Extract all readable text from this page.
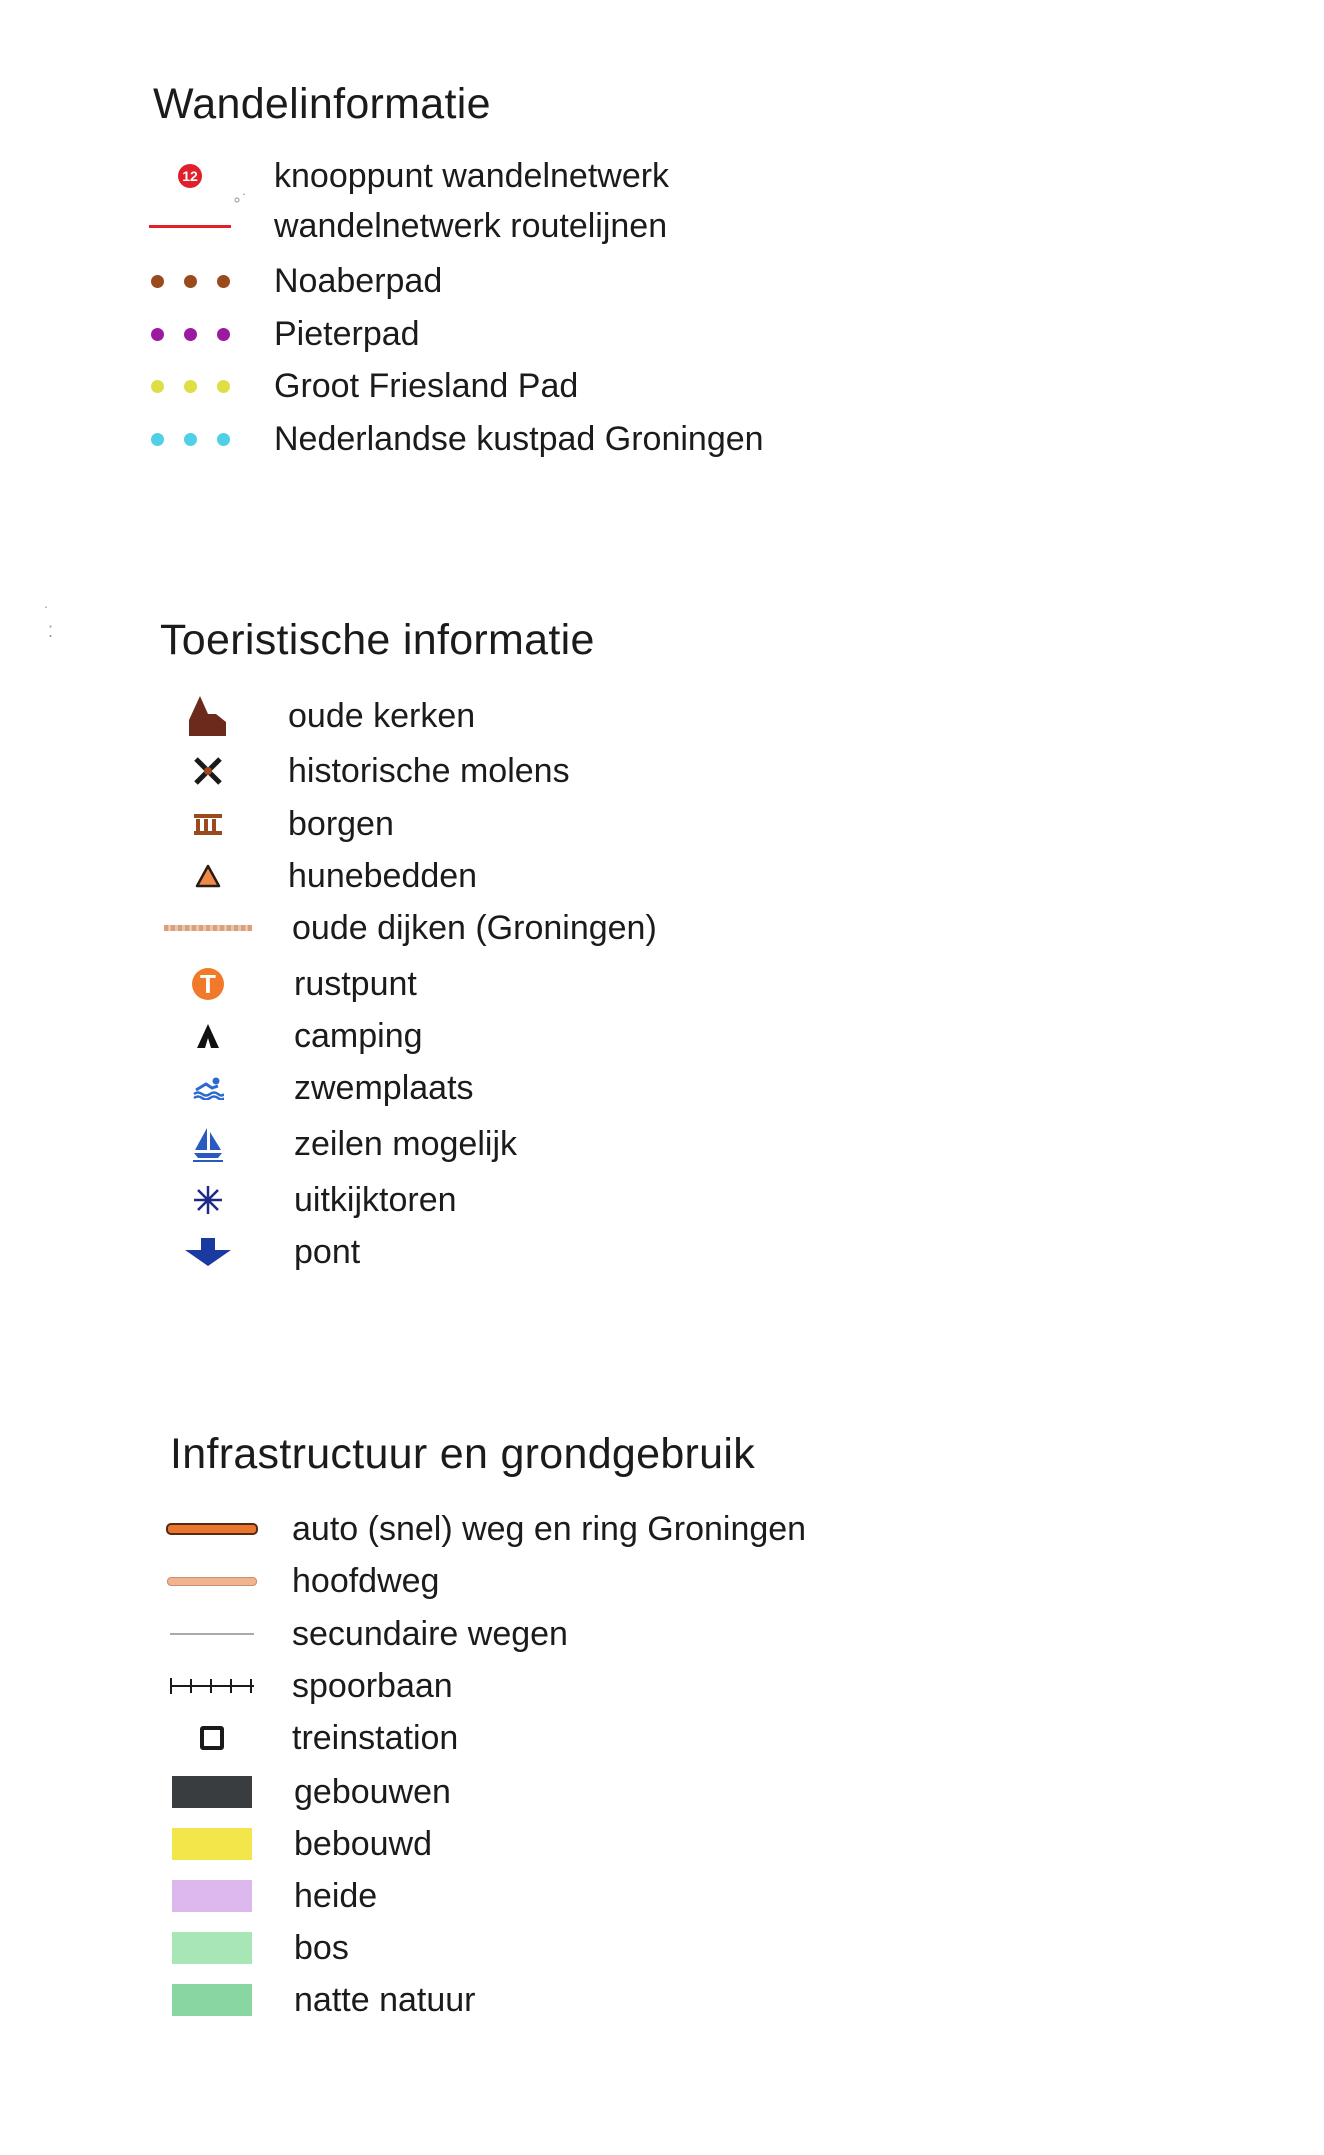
Wandelinformatie
12 knooppunt wandelnetwerk
wandelnetwerk routelijnen
Noaberpad
Pieterpad
Groot Friesland Pad
Nederlandse kustpad Groningen
Toeristische informatie
oude kerken
historische molens
borgen
hunebedden
oude dijken (Groningen)
T rustpunt
camping
zwemplaats
zeilen mogelijk
uitkijktoren
pont
Infrastructuur en grondgebruik
auto (snel) weg en ring Groningen
hoofdweg
secundaire wegen
spoorbaan
treinstation
gebouwen
bebouwd
heide
bos
natte natuur
∘˙
˙
⁚
